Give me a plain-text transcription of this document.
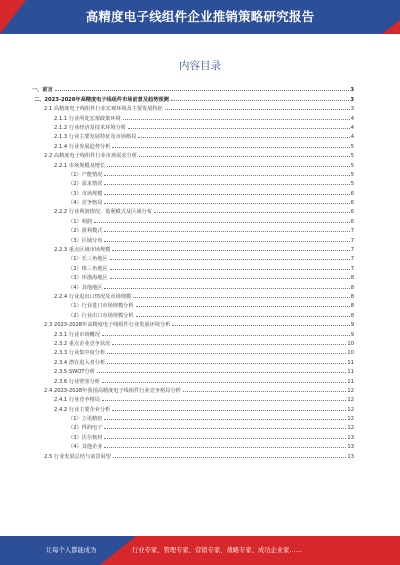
高精度电子线组件企业推销策略研究报告
内容目录
一、前言	3
二、2023-2028年高精度电子线组件市场前景及趋势预测	3
2.1 高精度电子线组件行业宏观环境及主要发展特征	3
2.1.1 行业所处宏观政策环境	4
2.1.2 行业经济及技术环境分析	4
2.1.3 行业主要发展特征及市场格局	4
2.1.4 行业发展趋势分析	5
2.2 高精度电子线组件行业市场需求分析	5
2.2.1 市场规模及增长	5
（1）产能情况	5
（2）需求情况	5
（3）市场规模	6
（4）竞争格局	6
2.2.2 行业利润情况、盈利模式及区域分布	6
（1）利润	6
（2）盈利模式	7
（3）区域分布	7
2.2.3 重点区域市场规模	7
（1）长三角地区	7
（2）珠三角地区	7
（3）环渤海地区	8
（4）其他地区	8
2.2.4 行业进出口情况及市场规模	8
（1）行业进口市场规模分析	8
（2）行业出口市场规模分析	8
2.3 2023-2028年高精度电子线组件行业发展环境分析	9
2.3.1 行业市场概况	9
2.3.2 重点企业竞争状况	10
2.3.3 行业集中度分析	10
2.3.4 潜在进入者分析	11
2.3.5 SWOT分析	11
2.3.6 行业壁垒分析	11
2.4 2023-2028年我国高精度电子线组件行业竞争格局分析	12
2.4.1 行业竞争格局	12
2.4.2 行业主要企业分析	12
（1）立讯精密	12
（2）得润电子	12
（3）沃尔核材	13
（4）其他企业	13
2.5 行业发展总结与前景展望	13
让每个人都能成为	行业专家、管理专家、营销专家、战略专家、成功企业家……
